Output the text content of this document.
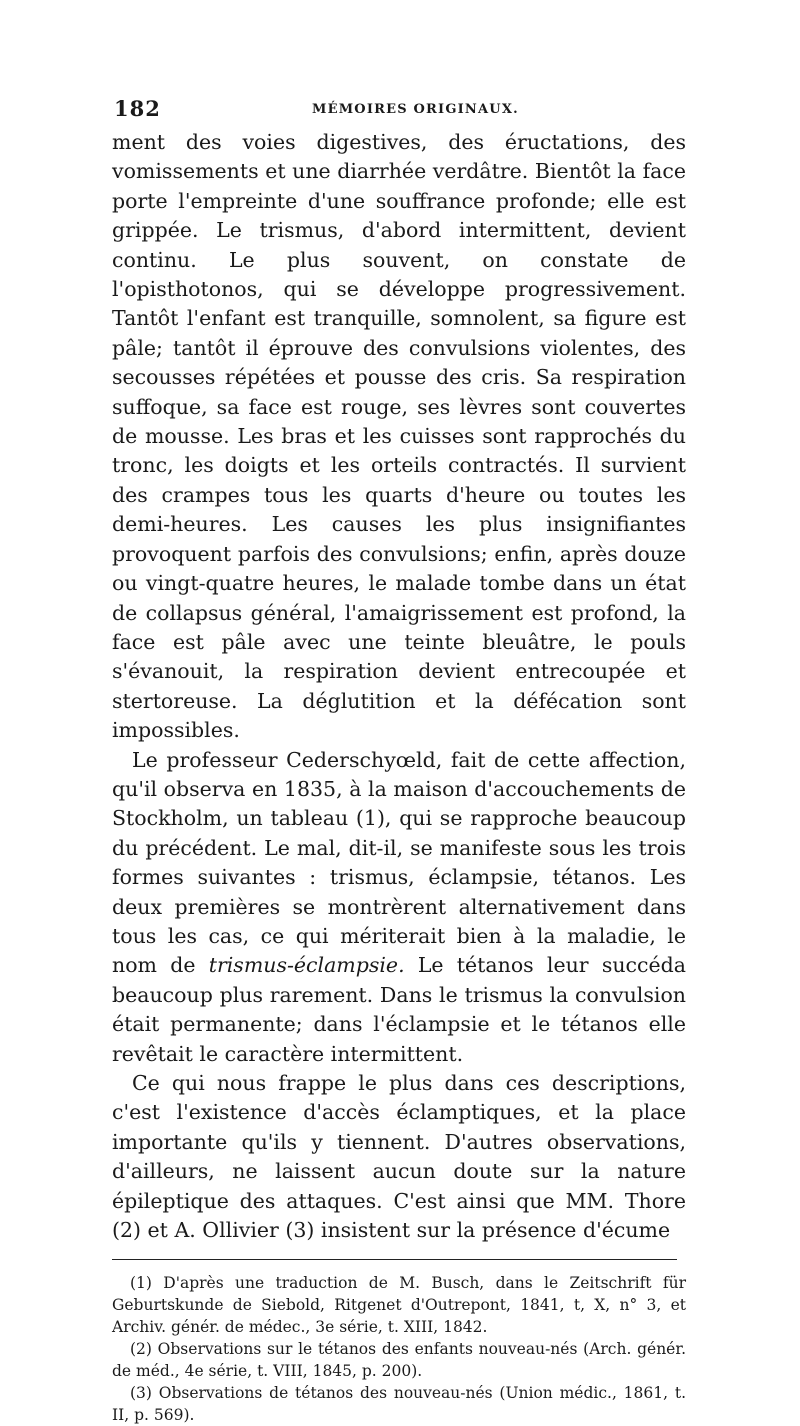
182	MÉMOIRES ORIGINAUX.

ment des voies digestives, des éructations, des vomissements et une diarrhée verdâtre. Bientôt la face porte l'empreinte d'une souffrance profonde; elle est grippée. Le trismus, d'abord intermittent, devient continu. Le plus souvent, on constate de l'opisthotonos, qui se développe progressivement. Tantôt l'enfant est tranquille, somnolent, sa figure est pâle; tantôt il éprouve des convulsions violentes, des secousses répétées et pousse des cris. Sa respiration suffoque, sa face est rouge, ses lèvres sont couvertes de mousse. Les bras et les cuisses sont rapprochés du tronc, les doigts et les orteils contractés. Il survient des crampes tous les quarts d'heure ou toutes les demi-heures. Les causes les plus insignifiantes provoquent parfois des convulsions; enfin, après douze ou vingt-quatre heures, le malade tombe dans un état de collapsus général, l'amaigrissement est profond, la face est pâle avec une teinte bleuâtre, le pouls s'évanouit, la respiration devient entrecoupée et stertoreuse. La déglutition et la défécation sont impossibles.

Le professeur Cederschyœld, fait de cette affection, qu'il observa en 1835, à la maison d'accouchements de Stockholm, un tableau (1), qui se rapproche beaucoup du précédent. Le mal, dit-il, se manifeste sous les trois formes suivantes : trismus, éclampsie, tétanos. Les deux premières se montrèrent alternativement dans tous les cas, ce qui mériterait bien à la maladie, le nom de trismus-éclampsie. Le tétanos leur succéda beaucoup plus rarement. Dans le trismus la convulsion était permanente; dans l'éclampsie et le tétanos elle revêtait le caractère intermittent.

Ce qui nous frappe le plus dans ces descriptions, c'est l'existence d'accès éclamptiques, et la place importante qu'ils y tiennent. D'autres observations, d'ailleurs, ne laissent aucun doute sur la nature épileptique des attaques. C'est ainsi que MM. Thore (2) et A. Ollivier (3) insistent sur la présence d'écume

(1) D'après une traduction de M. Busch, dans le Zeitschrift für Geburtskunde de Siebold, Ritgenet d'Outrepont, 1841, t, X, n° 3, et Archiv. génér. de médec., 3e série, t. XIII, 1842.

(2) Observations sur le tétanos des enfants nouveau-nés (Arch. génér. de méd., 4e série, t. VIII, 1845, p. 200).

(3) Observations de tétanos des nouveau-nés (Union médic., 1861, t. II, p. 569).
